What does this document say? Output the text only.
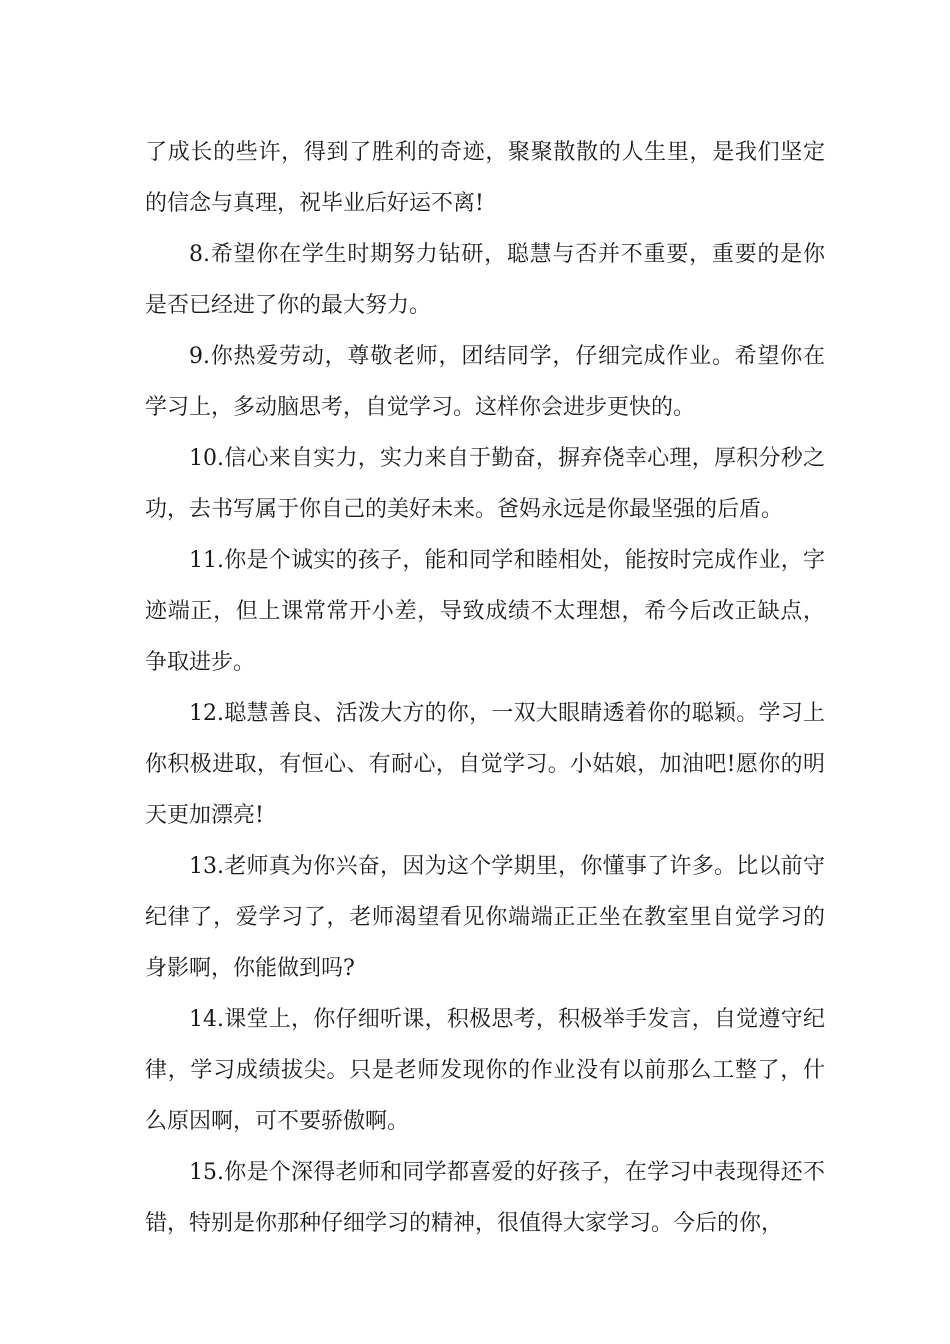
了成长的些许，得到了胜利的奇迹，聚聚散散的人生里，是我们坚定的信念与真理，祝毕业后好运不离!

8.希望你在学生时期努力钻研，聪慧与否并不重要，重要的是你是否已经进了你的最大努力。

9.你热爱劳动，尊敬老师，团结同学，仔细完成作业。希望你在学习上，多动脑思考，自觉学习。这样你会进步更快的。

10.信心来自实力，实力来自于勤奋，摒弃侥幸心理，厚积分秒之功，去书写属于你自己的美好未来。爸妈永远是你最坚强的后盾。

11.你是个诚实的孩子，能和同学和睦相处，能按时完成作业，字迹端正，但上课常常开小差，导致成绩不太理想，希今后改正缺点，争取进步。

12.聪慧善良、活泼大方的你，一双大眼睛透着你的聪颖。学习上你积极进取，有恒心、有耐心，自觉学习。小姑娘，加油吧!愿你的明天更加漂亮!

13.老师真为你兴奋，因为这个学期里，你懂事了许多。比以前守纪律了，爱学习了，老师渴望看见你端端正正坐在教室里自觉学习的身影啊，你能做到吗?

14.课堂上，你仔细听课，积极思考，积极举手发言，自觉遵守纪律，学习成绩拔尖。只是老师发现你的作业没有以前那么工整了，什么原因啊，可不要骄傲啊。

15.你是个深得老师和同学都喜爱的好孩子，在学习中表现得还不错，特别是你那种仔细学习的精神，很值得大家学习。今后的你，
